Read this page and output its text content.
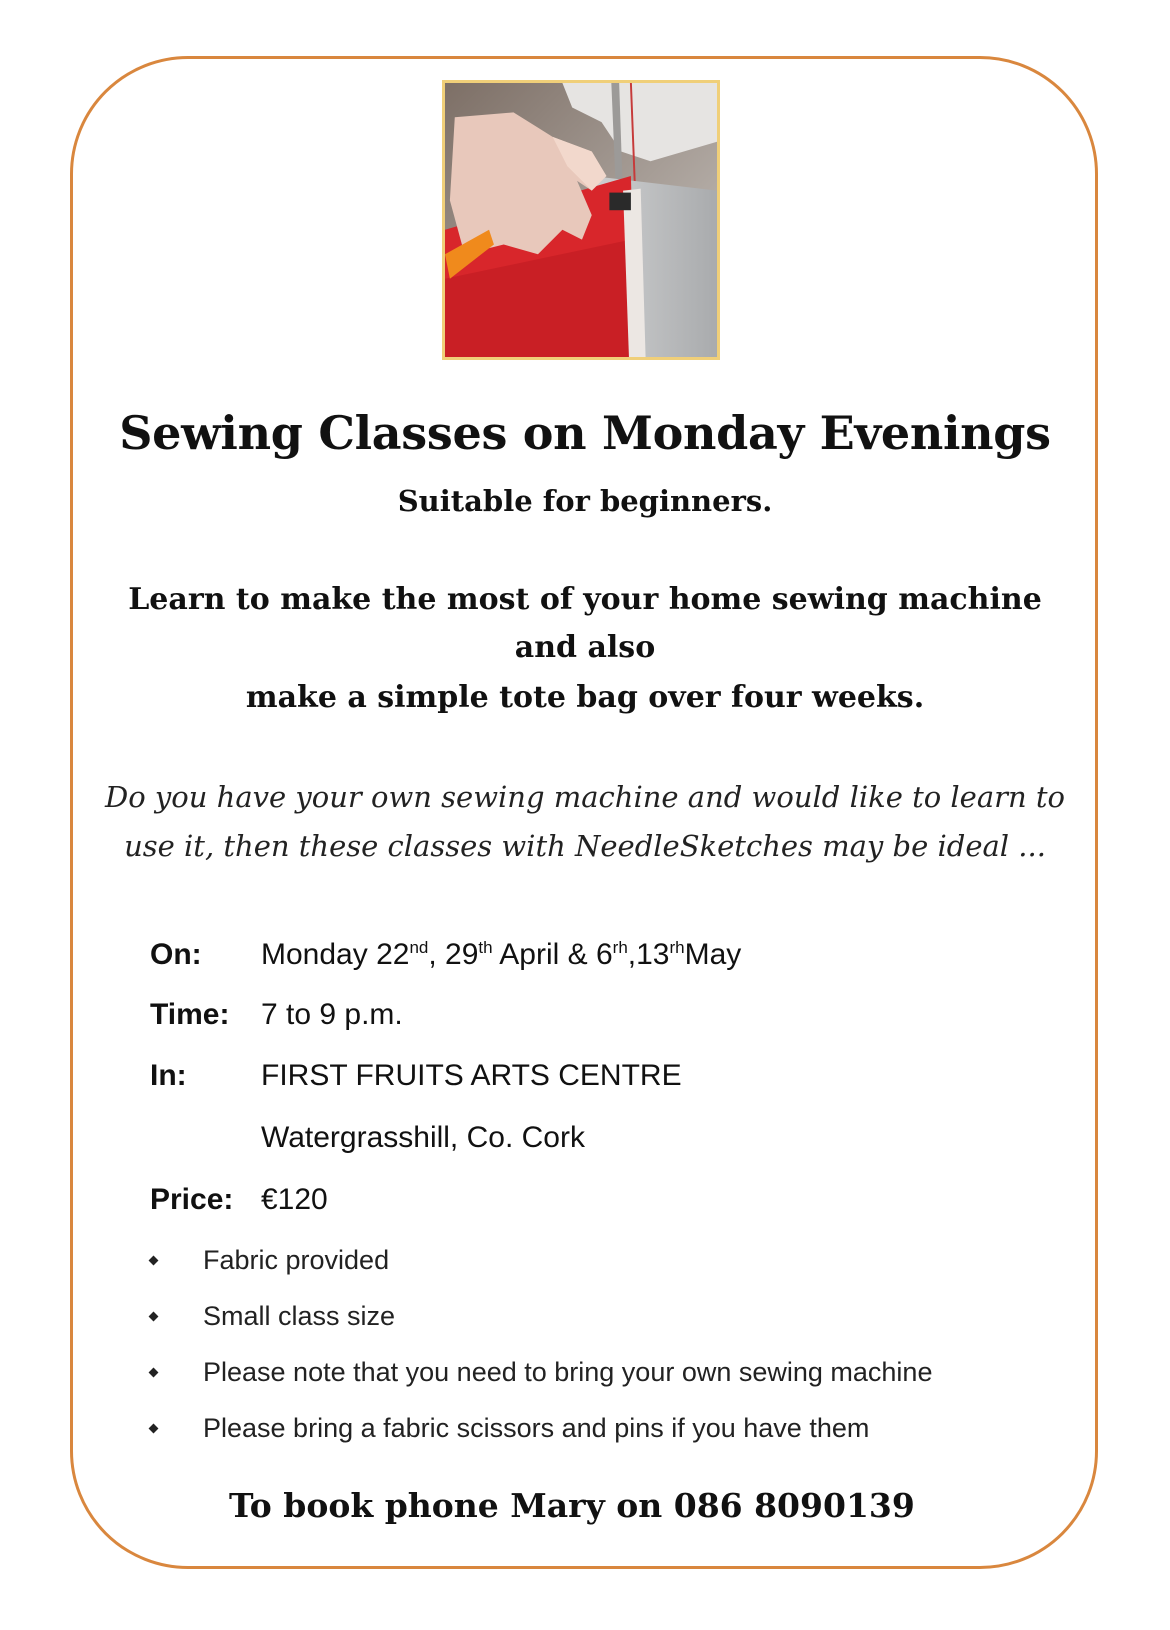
Sewing Classes on Monday Evenings
Suitable for beginners.
Learn to make the most of your home sewing machine
and also
make a simple tote bag over four weeks.
Do you have your own sewing machine and would like to learn to
use it, then these classes with NeedleSketches may be ideal ...
On: Monday 22nd, 29th April & $6^{rh},13^{rh}May$
Time: 7 to 9 p.m.
In: FIRST FRUITS ARTS CENTRE
Watergrasshill, Co. Cork
Price: €120
Fabric provided
Small class size
Please note that you need to bring your own sewing machine
Please bring a fabric scissors and pins if you have them
To book phone Mary on 086 8090139
